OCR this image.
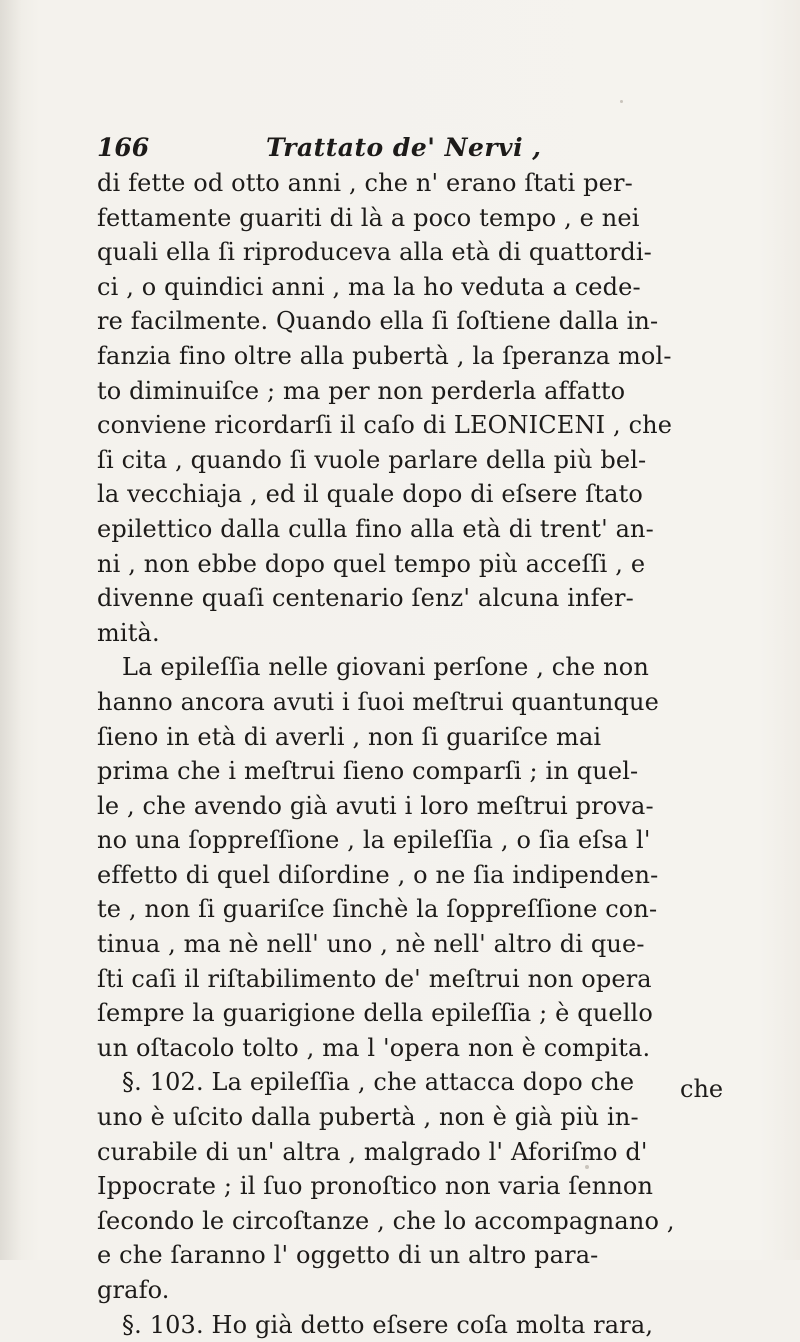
166	Trattato de' Nervi ,
di fette od otto anni , che n' erano ſtati per-
fettamente guariti di là a poco tempo , e nei
quali ella ſi riproduceva alla età di quattordi-
ci , o quindici anni , ma la ho veduta a cede-
re facilmente. Quando ella ſi ſoſtiene dalla in-
fanzia fino oltre alla pubertà , la ſperanza mol-
to diminuiſce ; ma per non perderla affatto
conviene ricordarſi il caſo di LEONICENI , che
ſi cita , quando ſi vuole parlare della più bel-
la vecchiaja , ed il quale dopo di eſsere ſtato
epilettico dalla culla fino alla età di trent' an-
ni , non ebbe dopo quel tempo più acceſſi , e
divenne quaſi centenario ſenz' alcuna infer-
mità.
La epileſſia nelle giovani perſone , che non
hanno ancora avuti i ſuoi meſtrui quantunque
ſieno in età di averli , non ſi guariſce mai
prima che i meſtrui ſieno comparſi ; in quel-
le , che avendo già avuti i loro meſtrui prova-
no una ſoppreſſione , la epileſſia , o ſia eſsa l'
effetto di quel diſordine , o ne ſia indipenden-
te , non ſi guariſce ſinchè la ſoppreſſione con-
tinua , ma nè nell' uno , nè nell' altro di que-
ſti caſi il riſtabilimento de' meſtrui non opera
ſempre la guarigione della epileſſia ; è quello
un oſtacolo tolto , ma l 'opera non è compita.
§. 102. La epileſſia , che attacca dopo che
uno è uſcito dalla pubertà , non è già più in-
curabile di un' altra , malgrado l' Aforiſmo d'
Ippocrate ; il ſuo pronoſtico non varia ſennon
ſecondo le circoſtanze , che lo accompagnano ,
e che ſaranno l' oggetto di un altro para-
grafo.
§. 103. Ho già detto eſsere coſa molta rara,
che
